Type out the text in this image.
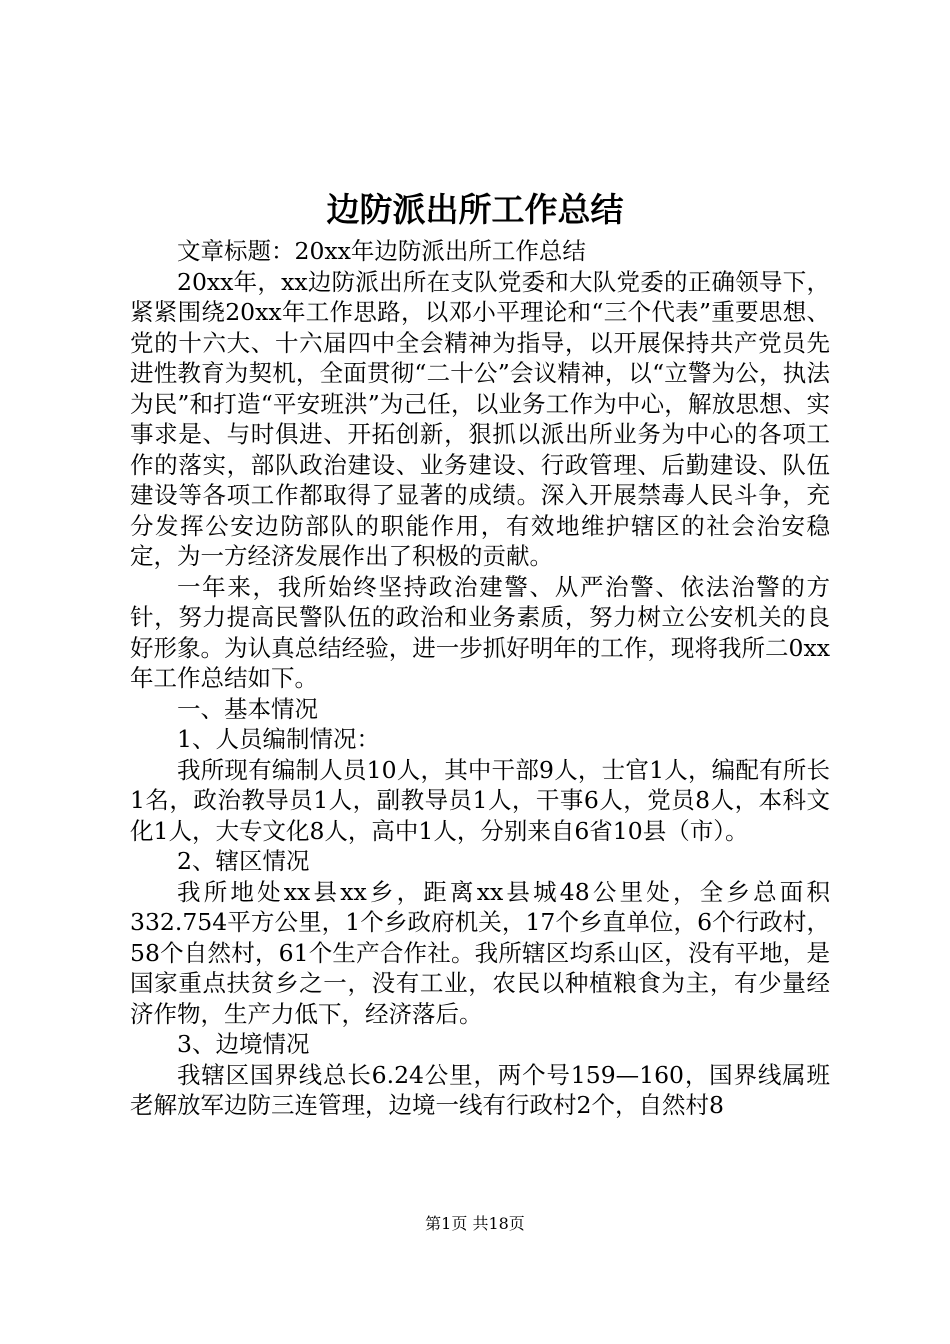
边防派出所工作总结

文章标题：20xx年边防派出所工作总结

20xx年，xx边防派出所在支队党委和大队党委的正确领导下，紧紧围绕20xx年工作思路，以邓小平理论和“三个代表”重要思想、党的十六大、十六届四中全会精神为指导，以开展保持共产党员先进性教育为契机，全面贯彻“二十公”会议精神，以“立警为公，执法为民”和打造“平安班洪”为己任，以业务工作为中心，解放思想、实事求是、与时俱进、开拓创新，狠抓以派出所业务为中心的各项工作的落实，部队政治建设、业务建设、行政管理、后勤建设、队伍建设等各项工作都取得了显著的成绩。深入开展禁毒人民斗争，充分发挥公安边防部队的职能作用，有效地维护辖区的社会治安稳定，为一方经济发展作出了积极的贡献。

一年来，我所始终坚持政治建警、从严治警、依法治警的方针，努力提高民警队伍的政治和业务素质，努力树立公安机关的良好形象。为认真总结经验，进一步抓好明年的工作，现将我所二0xx年工作总结如下。

一、基本情况

1、人员编制情况：

我所现有编制人员10人，其中干部9人，士官1人，编配有所长1名，政治教导员1人，副教导员1人，干事6人，党员8人，本科文化1人，大专文化8人，高中1人，分别来自6省10县（市）。

2、辖区情况

我所地处xx县xx乡，距离xx县城48公里处，全乡总面积332.754平方公里，1个乡政府机关，17个乡直单位，6个行政村，58个自然村，61个生产合作社。我所辖区均系山区，没有平地，是国家重点扶贫乡之一，没有工业，农民以种植粮食为主，有少量经济作物，生产力低下，经济落后。

3、边境情况

我辖区国界线总长6.24公里，两个号159—160，国界线属班老解放军边防三连管理，边境一线有行政村2个，自然村8

第1页 共18页
